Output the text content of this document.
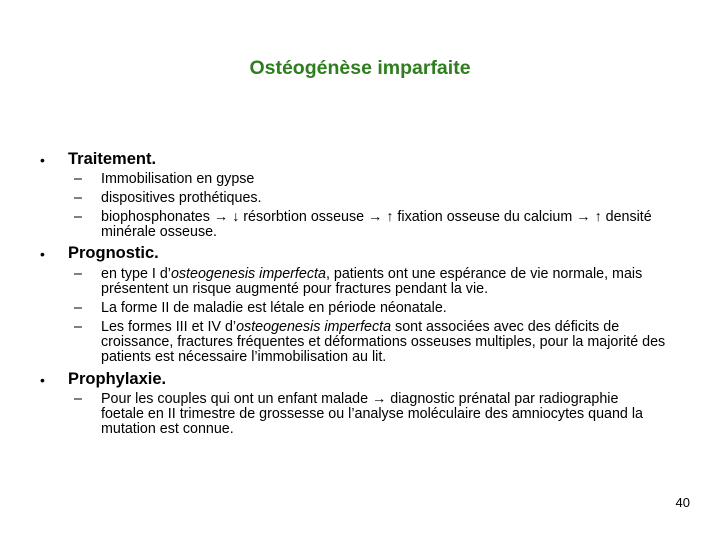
Ostéogénèse imparfaite
• Traitement.
– Immobilisation en gypse
– dispositives prothétiques.
– biophosphonates → ↓ résorbtion osseuse → ↑ fixation osseuse du calcium → ↑ densité minérale osseuse.
• Prognostic.
– en type I d’osteogenesis imperfecta, patients ont une espérance de vie normale, mais présentent un risque augmenté pour fractures pendant la vie.
– La forme II de maladie est létale en période néonatale.
– Les formes III et IV d’osteogenesis imperfecta sont associées avec des déficits de croissance, fractures fréquentes et déformations osseuses multiples, pour la majorité des patients est nécessaire l’immobilisation au lit.
• Prophylaxie.
– Pour les couples qui ont un enfant malade → diagnostic prénatal par radiographie foetale en II trimestre de grossesse ou l’analyse moléculaire des amniocytes quand la mutation est connue.
40
